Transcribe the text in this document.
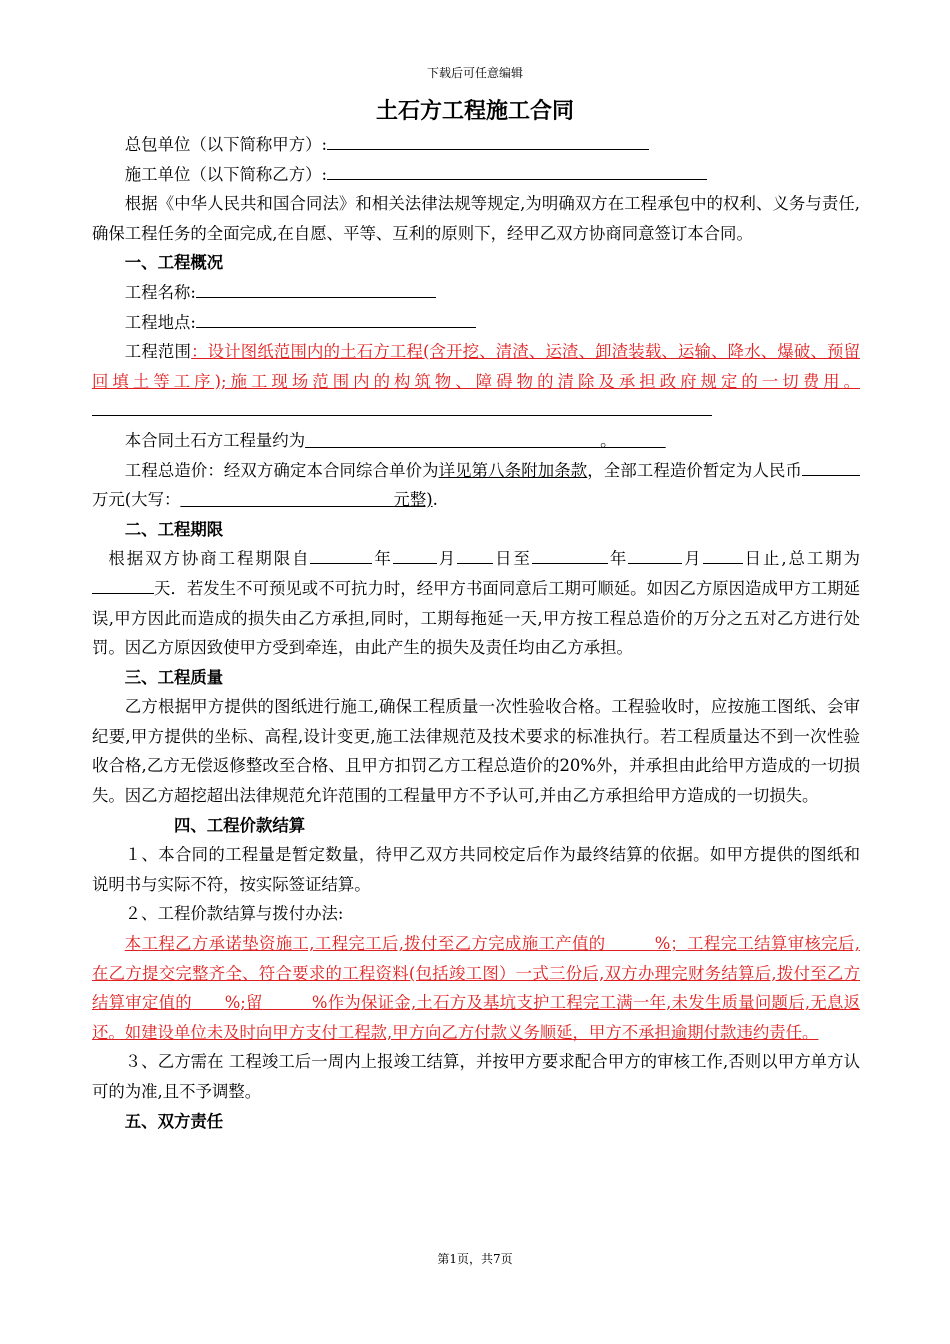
下载后可任意编辑
土石方工程施工合同

总包单位（以下简称甲方）:

施工单位（以下简称乙方）:

根据《中华人民共和国合同法》和相关法律法规等规定,为明确双方在工程承包中的权利、义务与责任,确保工程任务的全面完成,在自愿、平等、互利的原则下，经甲乙双方协商同意签订本合同。

一、工程概况

工程名称:

工程地点:

工程范围：设计图纸范围内的土石方工程(含开挖、清渣、运渣、卸渣装载、运输、降水、爆破、预留回填土等工序);施工现场范围内的构筑物、障碍物的清除及承担政府规定的一切费用。

本合同土石方工程量约为                  	。   

工程总造价：经双方确定本合同综合单价为详见第八条附加条款，全部工程造价暂定为人民币万元(大写：             	元整).

二、工程期限

根据双方协商工程期限自	年	月 日至	年	月 日止,总工期为天．若发生不可预见或不可抗力时，经甲方书面同意后工期可顺延。如因乙方原因造成甲方工期延误,甲方因此而造成的损失由乙方承担,同时，工期每拖延一天,甲方按工程总造价的万分之五对乙方进行处罚。因乙方原因致使甲方受到牵连，由此产生的损失及责任均由乙方承担。

三、工程质量

乙方根据甲方提供的图纸进行施工,确保工程质量一次性验收合格。工程验收时，应按施工图纸、会审纪要,甲方提供的坐标、高程,设计变更,施工法律规范及技术要求的标准执行。若工程质量达不到一次性验收合格,乙方无偿返修整改至合格、且甲方扣罚乙方工程总造价的20%外，并承担由此给甲方造成的一切损失。因乙方超挖超出法律规范允许范围的工程量甲方不予认可,并由乙方承担给甲方造成的一切损失。

四、工程价款结算

１、本合同的工程量是暂定数量，待甲乙双方共同校定后作为最终结算的依据。如甲方提供的图纸和说明书与实际不符，按实际签证结算。

２、工程价款结算与拨付办法:

本工程乙方承诺垫资施工,工程完工后,拨付至乙方完成施工产值的   	%；工程完工结算审核完后,在乙方提交完整齐全、符合要求的工程资料(包括竣工图）一式三份后,双方办理完财务结算后,拨付至乙方结算审定值的   %;留   	%作为保证金,土石方及基坑支护工程完工满一年,未发生质量问题后,无息返还。如建设单位未及时向甲方支付工程款,甲方向乙方付款义务顺延，甲方不承担逾期付款违约责任。

３、乙方需在 工程竣工后一周内上报竣工结算，并按甲方要求配合甲方的审核工作,否则以甲方单方认可的为准,且不予调整。

五、双方责任

第1页，共7页
